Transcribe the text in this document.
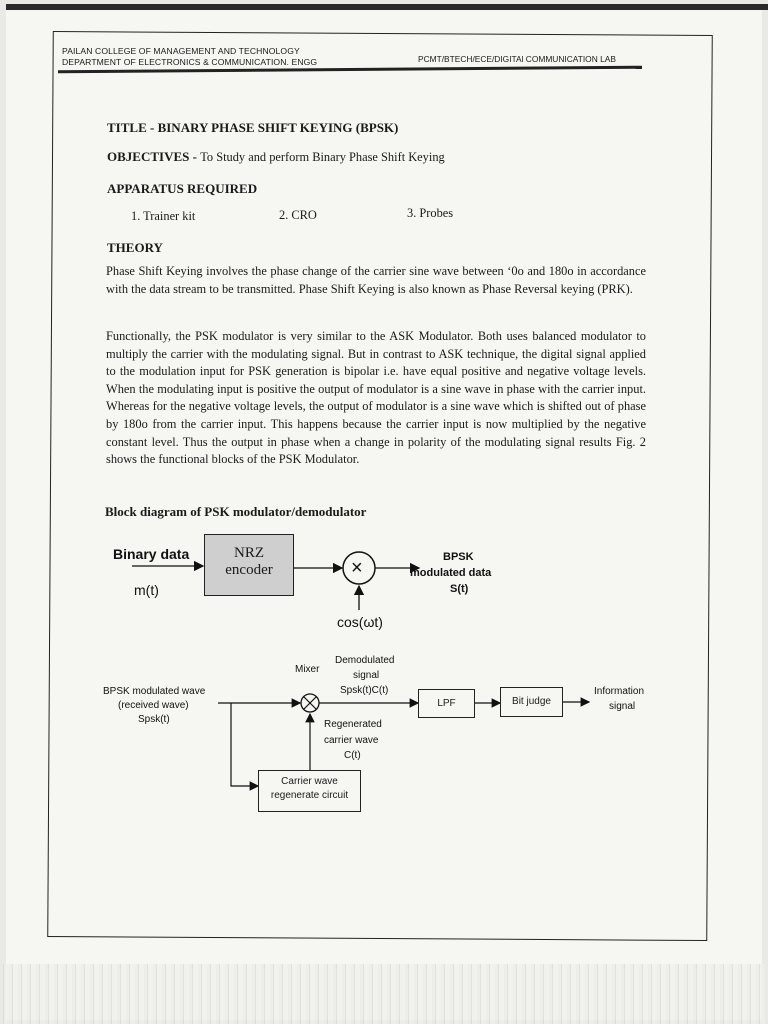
PAILAN COLLEGE OF MANAGEMENT AND TECHNOLOGY
DEPARTMENT OF ELECTRONICS & COMMUNICATION. ENGG	PCMT/BTECH/ECE/DIGITAl COMMUNICATION LAB
TITLE - BINARY PHASE SHIFT KEYING (BPSK)
OBJECTIVES - To Study and perform Binary Phase Shift Keying
APPARATUS REQUIRED
1. Trainer kit	2. CRO	3. Probes
THEORY
Phase Shift Keying involves the phase change of the carrier sine wave between ‘0o and 180o in accordance with the data stream to be transmitted. Phase Shift Keying is also known as Phase Reversal keying (PRK).
Functionally, the PSK modulator is very similar to the ASK Modulator. Both uses balanced modulator to multiply the carrier with the modulating signal. But in contrast to ASK technique, the digital signal applied to the modulation input for PSK generation is bipolar i.e. have equal positive and negative voltage levels. When the modulating input is positive the output of modulator is a sine wave in phase with the carrier input. Whereas for the negative voltage levels, the output of modulator is a sine wave which is shifted out of phase by 180o from the carrier input. This happens because the carrier input is now multiplied by the negative constant level. Thus the output in phase when a change in polarity of the modulating signal results Fig. 2 shows the functional blocks of the PSK Modulator.
Block diagram of PSK modulator/demodulator
Binary data
m(t)
NRZ
encoder	×
cos(ωt)
BPSK
modulated data
S(t)
BPSK modulated wave
(received wave)
Spsk(t)
Mixer
Demodulated
signal
Spsk(t)C(t)
LPF	Bit judge
Information
signal
Regenerated
carrier wave
C(t)
Carrier wave
regenerate circuit
